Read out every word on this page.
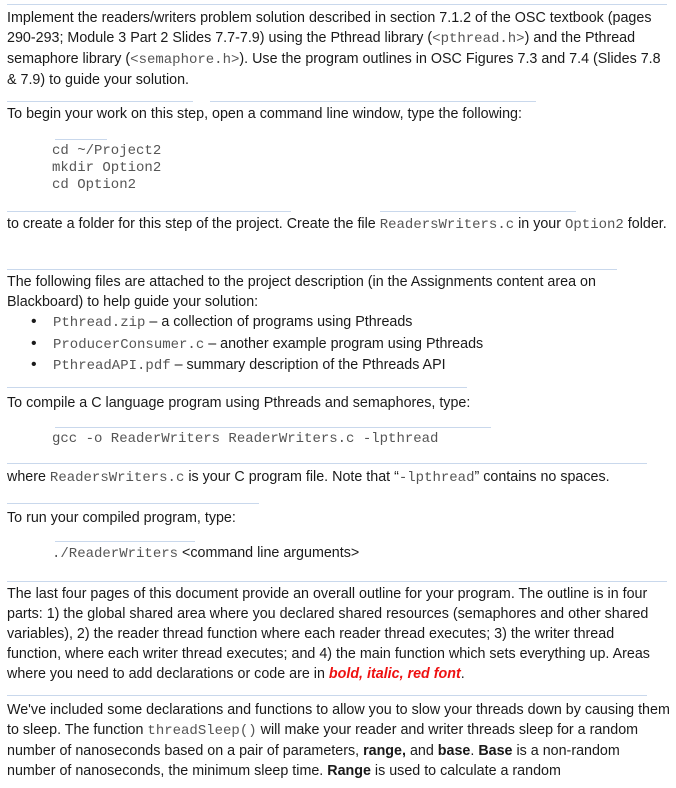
Implement the readers/writers problem solution described in section 7.1.2 of the OSC textbook (pages 290-293; Module 3 Part 2 Slides 7.7-7.9) using the Pthread library (<pthread.h>) and the Pthread semaphore library (<semaphore.h>). Use the program outlines in OSC Figures 7.3 and 7.4 (Slides 7.8 & 7.9) to guide your solution.

To begin your work on this step, open a command line window, type the following:

cd ~/Project2
mkdir Option2
cd Option2

to create a folder for this step of the project. Create the file ReadersWriters.c in your Option2 folder.

The following files are attached to the project description (in the Assignments content area on Blackboard) to help guide your solution:

• Pthread.zip – a collection of programs using Pthreads
• ProducerConsumer.c – another example program using Pthreads
• PthreadAPI.pdf – summary description of the Pthreads API

To compile a C language program using Pthreads and semaphores, type:

gcc -o ReaderWriters ReaderWriters.c -lpthread

where ReadersWriters.c is your C program file. Note that “-lpthread” contains no spaces.

To run your compiled program, type:

./ReaderWriters <command line arguments>

The last four pages of this document provide an overall outline for your program. The outline is in four parts: 1) the global shared area where you declared shared resources (semaphores and other shared variables), 2) the reader thread function where each reader thread executes; 3) the writer thread function, where each writer thread executes; and 4) the main function which sets everything up. Areas where you need to add declarations or code are in bold, italic, red font.

We've included some declarations and functions to allow you to slow your threads down by causing them to sleep. The function threadSleep() will make your reader and writer threads sleep for a random number of nanoseconds based on a pair of parameters, range, and base. Base is a non-random number of nanoseconds, the minimum sleep time. Range is used to calculate a random
